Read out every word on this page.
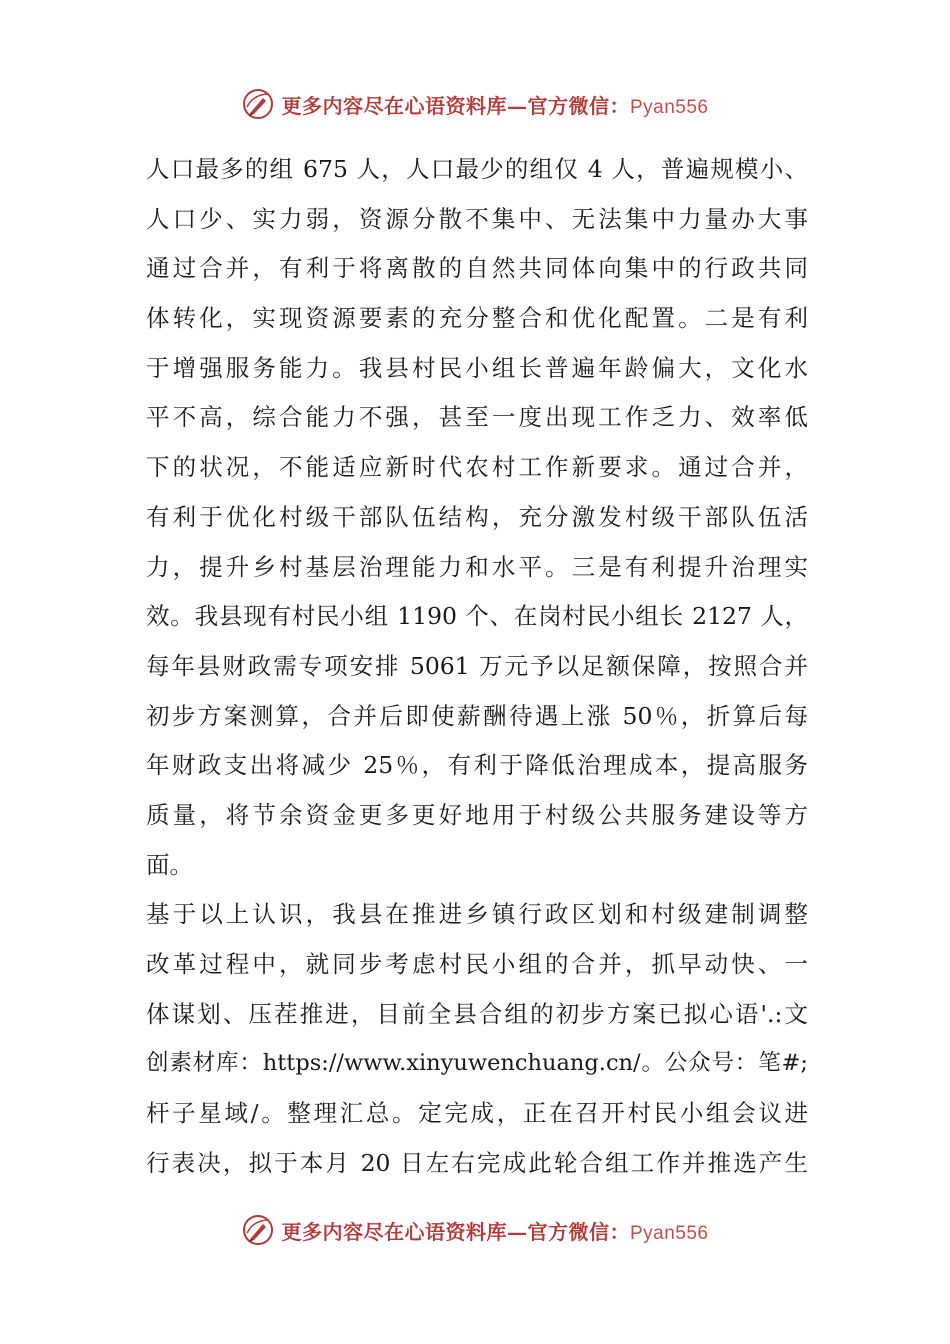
更多内容尽在心语资料库—官方微信：Pyan556
人口最多的组 675 人，人口最少的组仅 4 人，普遍规模小、
人口少、实力弱，资源分散不集中、无法集中力量办大事
通过合并，有利于将离散的自然共同体向集中的行政共同
体转化，实现资源要素的充分整合和优化配置。二是有利
于增强服务能力。我县村民小组长普遍年龄偏大，文化水
平不高，综合能力不强，甚至一度出现工作乏力、效率低
下的状况，不能适应新时代农村工作新要求。通过合并，
有利于优化村级干部队伍结构，充分激发村级干部队伍活
力，提升乡村基层治理能力和水平。三是有利提升治理实
效。我县现有村民小组 1190 个、在岗村民小组长 2127 人，
每年县财政需专项安排 5061 万元予以足额保障，按照合并
初步方案测算，合并后即使薪酬待遇上涨 50％，折算后每
年财政支出将减少 25％，有利于降低治理成本，提高服务
质量，将节余资金更多更好地用于村级公共服务建设等方
面。
基于以上认识，我县在推进乡镇行政区划和村级建制调整
改革过程中，就同步考虑村民小组的合并，抓早动快、一
体谋划、压茬推进，目前全县合组的初步方案已拟心语'.:文
创素材库：https://www.xinyuwenchuang.cn/。公众号：笔#;
杆子星域/。整理汇总。定完成，正在召开村民小组会议进
行表决，拟于本月 20 日左右完成此轮合组工作并推选产生
更多内容尽在心语资料库—官方微信：Pyan556
